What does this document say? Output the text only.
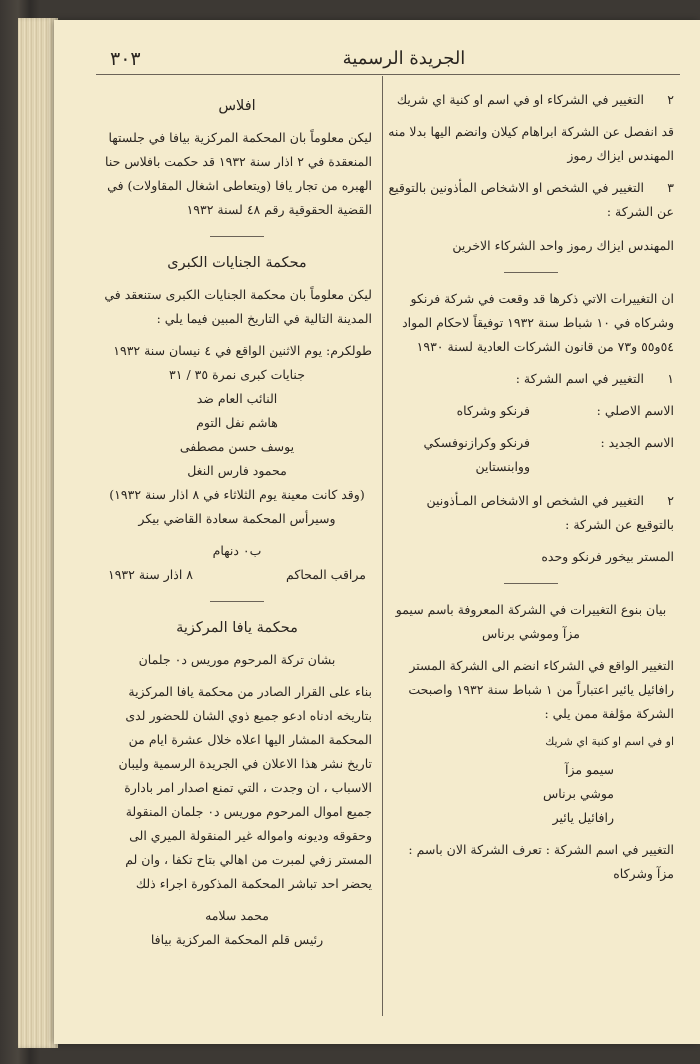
٣٠٣	الجريدة الرسمية

٢ التغيير في الشركاء او في اسم او كنية اي شريك

قد انفصل عن الشركة ابراهام كيلان وانضم اليها بدلا منه المهندس ايزاك رموز

٣ التغيير في الشخص او الاشخاص المأذونين بالتوقيع عن الشركة :

المهندس ايزاك رموز واحد الشركاء الاخرين

ان التغييرات الاتي ذكرها قد وقعت في شركة فرنكو وشركاه في ١٠ شباط سنة ١٩٣٢ توفيقاً لاحكام المواد ٥٤و٥٥ و٧٣ من قانون الشركات العادية لسنة ١٩٣٠

١ التغيير في اسم الشركة :

الاسم الاصلي :
فرنكو وشركاه
الاسم الجديد :
فرنكو وكرازنوفسكي ووابنستاين

٢ التغيير في الشخص او الاشخاص المـأذونين بالتوقيع عن الشركة :

المستر بيخور فرنكو وحده

بيان بنوع التغييرات في الشركة المعروفة باسم سيمو مزآ وموشي برناس

التغيير الواقع في الشركاء انضم الى الشركة المستر رافائيل يائير اعتباراً من ١ شباط سنة ١٩٣٢ واصبحت الشركة مؤلفة ممن يلي :

او في اسم او كنية اي شريك

سيمو مزآ
موشي برناس
رافائيل يائير

التغيير في اسم الشركة : تعرف الشركة الان باسم : مزآ وشركاه

افلاس

ليكن معلوماً بان المحكمة المركزية بيافا في جلستها المنعقدة في ٢ اذار سنة ١٩٣٢ قد حكمت بافلاس حنا الهبره من تجار يافا (ويتعاطى اشغال المقاولات) في القضية الحقوقية رقم ٤٨ لسنة ١٩٣٢

محكمة الجنايات الكبرى

ليكن معلوماً بان محكمة الجنايات الكبرى ستنعقد في المدينة التالية في التاريخ المبين فيما يلي :

طولكرم: يوم الاثنين الواقع في ٤ نيسان سنة ١٩٣٢

جنايات كبرى نمرة ٣٥ / ٣١
النائب العام ضد
هاشم نفل التوم
يوسف حسن مصطفى
محمود فارس النغل
(وقد كانت معينة يوم الثلاثاء في ٨ اذار سنة ١٩٣٢)
وسيرأس المحكمة سعادة القاضي بيكر
ب٠ دنهام
مراقب المحاكم
٨ اذار سنة ١٩٣٢
محكمة يافا المركزية

بشان تركة المرحوم موريس د٠ جلمان

بناء على القرار الصادر من محكمة يافا المركزية بتاريخه ادناه ادعو جميع ذوي الشان للحضور لدى المحكمة المشار اليها اعلاه خلال عشرة ايام من تاريخ نشر هذا الاعلان في الجريدة الرسمية وليبان الاسباب ، ان وجدت ، التي تمنع اصدار امر بادارة جميع اموال المرحوم موريس د٠ جلمان المنقولة وحقوقه وديونه وامواله غير المنقولة الميري الى المستر زفي لمبرت من اهالي بتاح تكفا ، وان لم يحضر احد تباشر المحكمة المذكورة اجراء ذلك

محمد سلامه
رئيس قلم المحكمة المركزية بيافا
